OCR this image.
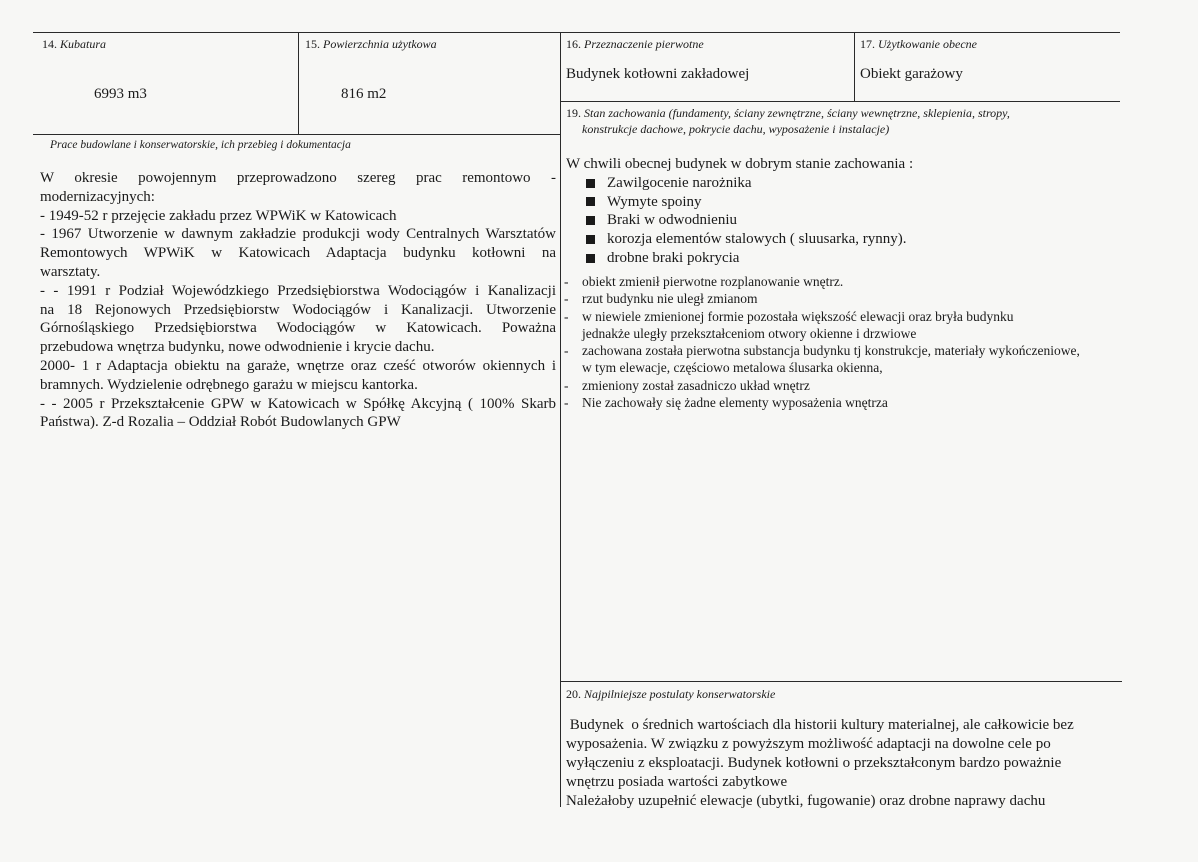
14. Kubatura
6993 m3
15. Powierzchnia użytkowa
816 m2
16. Przeznaczenie pierwotne
Budynek kotłowni zakładowej
17. Użytkowanie obecne
Obiekt garażowy
19. Stan zachowania (fundamenty, ściany zewnętrzne, ściany wewnętrzne, sklepienia, stropy,
konstrukcje dachowe, pokrycie dachu, wyposażenie i instalacje)
Prace budowlane i konserwatorskie, ich przebieg i dokumentacja

W okresie powojennym przeprowadzono szereg prac remontowo -

modernizacyjnych:

- 1949-52 r przejęcie zakładu przez WPWiK w Katowicach

- 1967 Utworzenie w dawnym zakładzie produkcji wody Centralnych Warsztatów

Remontowych WPWiK w Katowicach Adaptacja budynku kotłowni na

warsztaty.

- - 1991 r Podział Wojewódzkiego Przedsiębiorstwa Wodociągów i Kanalizacji

na 18 Rejonowych Przedsiębiorstw Wodociągów i Kanalizacji. Utworzenie

Górnośląskiego Przedsiębiorstwa Wodociągów w Katowicach. Poważna

przebudowa wnętrza budynku, nowe odwodnienie i krycie dachu.

2000- 1 r Adaptacja obiektu na garaże, wnętrze oraz cześć otworów okiennych i

bramnych. Wydzielenie odrębnego garażu w miejscu kantorka.

- - 2005 r Przekształcenie GPW w Katowicach w Spółkę Akcyjną ( 100% Skarb

Państwa). Z-d Rozalia – Oddział Robót Budowlanych GPW

W chwili obecnej budynek w dobrym stanie zachowania :

Zawilgocenie narożnika

Wymyte spoiny

Braki w odwodnieniu

korozja elementów stalowych ( sluusarka, rynny).

drobne braki pokrycia

-	obiekt zmienił pierwotne rozplanowanie wnętrz.

-	rzut budynku nie uległ zmianom

-	w niewiele zmienionej formie pozostała większość elewacji oraz bryła budynku

jednakże uległy przekształceniom otwory okienne i drzwiowe

-	zachowana została pierwotna substancja budynku tj konstrukcje, materiały wykończeniowe,

w tym elewacje, częściowo metalowa ślusarka okienna,

-	zmieniony został zasadniczo układ wnętrz

-	Nie zachowały się żadne elementy wyposażenia wnętrza

20. Najpilniejsze postulaty konserwatorskie

Budynek  o średnich wartościach dla historii kultury materialnej, ale całkowicie bez

wyposażenia. W związku z powyższym możliwość adaptacji na dowolne cele po

wyłączeniu z eksploatacji. Budynek kotłowni o przekształconym bardzo poważnie

wnętrzu posiada wartości zabytkowe

Należałoby uzupełnić elewacje (ubytki, fugowanie) oraz drobne naprawy dachu
